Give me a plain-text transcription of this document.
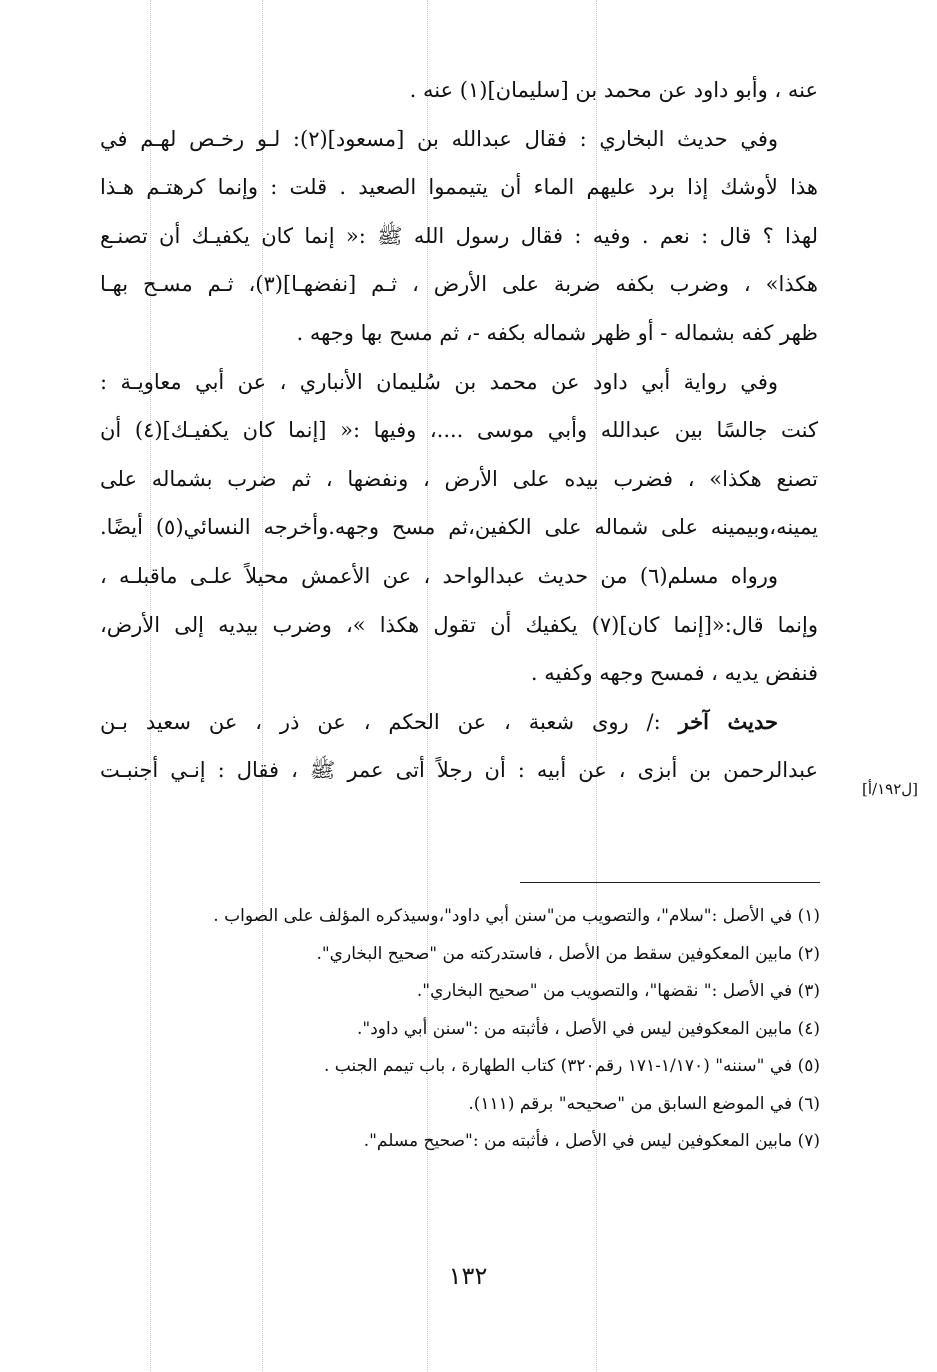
عنه ، وأبو داود عن محمد بن [سليمان](١) عنه .
وفي حديث البخاري : فقال عبدالله بن [مسعود](٢): لـو رخـص لهـم في
هذا لأوشك إذا برد عليهم الماء أن يتيمموا الصعيد . قلت : وإنما كرهتـم هـذا
لهذا ؟ قال : نعم . وفيه : فقال رسول الله ﷺ :« إنما كان يكفيـك أن تصنـع
هكذا» ، وضرب بكفه ضربة على الأرض ، ثـم [نفضهـا](٣)، ثـم مسـح بهـا
ظهر كفه بشماله - أو ظهر شماله بكفه -، ثم مسح بها وجهه .
وفي رواية أبي داود عن محمد بن سُليمان الأنباري ، عن أبي معاويـة :
كنت جالسًا بين عبدالله وأبي موسى ....، وفيها :« [إنما كان يكفيـك](٤) أن
تصنع هكذا» ، فضرب بيده على الأرض ، ونفضها ، ثم ضرب بشماله على
يمينه،وبيمينه على شماله على الكفين،ثم مسح وجهه.وأخرجه النسائي(٥) أيضًا.
ورواه مسلم(٦) من حديث عبدالواحد ، عن الأعمش محيلاً علـى ماقبلـه ،
وإنما قال:«[إنما كان](٧) يكفيك أن تقول هكذا »، وضرب بيديه إلى الأرض،
فنفض يديه ، فمسح وجهه وكفيه .
حديث آخر :/ روى شعبة ، عن الحكم ، عن ذر ، عن سعيد بـن
عبدالرحمن بن أبزى ، عن أبيه : أن رجلاً أتى عمر ﷺ ، فقال : إنـي أجنبـت
[ل١٩٢/أ]
(١) في الأصل :"سلام"، والتصويب من"سنن أبي داود"،وسيذكره المؤلف على الصواب .
(٢) مابين المعكوفين سقط من الأصل ، فاستدركته من "صحيح البخاري".
(٣) في الأصل :" نقضها"، والتصويب من "صحيح البخاري".
(٤) مابين المعكوفين ليس في الأصل ، فأثبته من :"سنن أبي داود".
(٥) في "سننه" (١/١٧٠-١٧١ رقم٣٢٠) كتاب الطهارة ، باب تيمم الجنب .
(٦) في الموضع السابق من "صحيحه" برقم (١١١).
(٧) مابين المعكوفين ليس في الأصل ، فأثبته من :"صحيح مسلم".
١٣٢
